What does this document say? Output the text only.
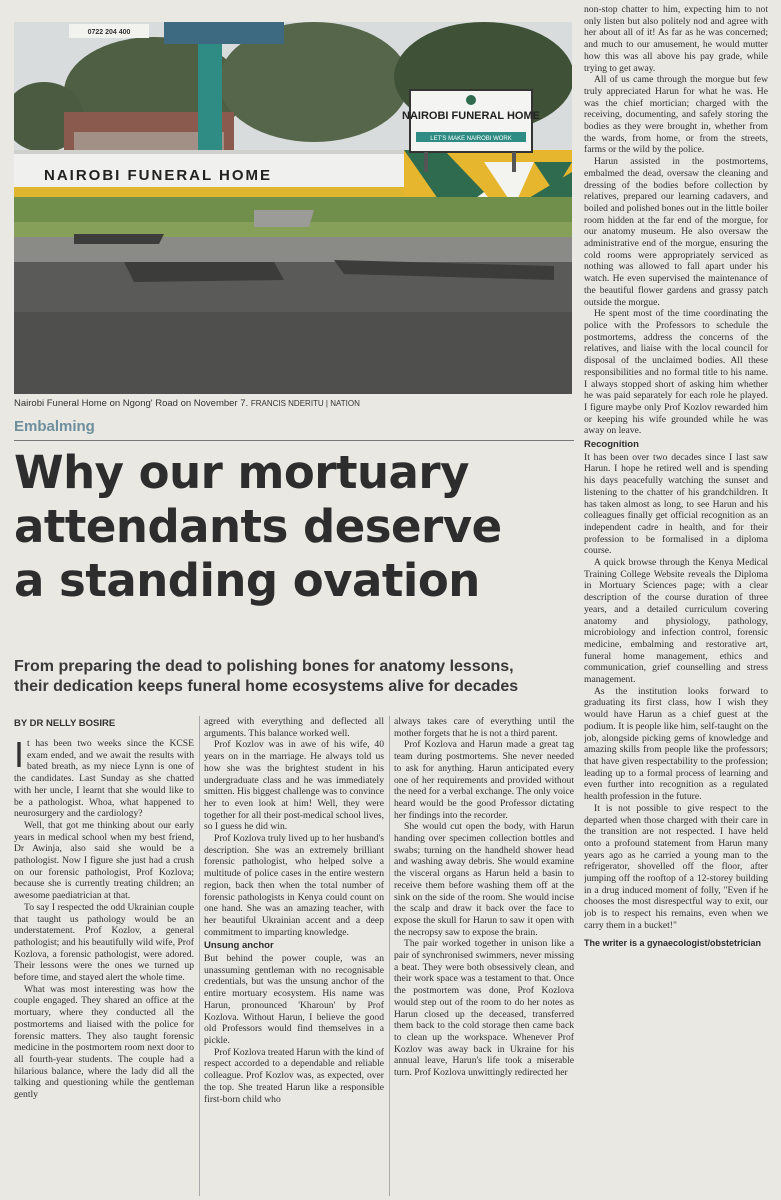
0722 204 400
NAIROBI FUNERAL HOME
NAIROBI FUNERAL HOME
LET'S MAKE NAIROBI WORK
Nairobi Funeral Home on Ngong' Road on November 7. FRANCIS NDERITU | NATION
Embalming
Why our mortuary
attendants deserve
a standing ovation
From preparing the dead to polishing bones for anatomy lessons,
their dedication keeps funeral home ecosystems alive for decades
BY DR NELLY BOSIRE

It has been two weeks since the KCSE exam ended, and we await the results with bated breath, as my niece Lynn is one of the candidates. Last Sunday as she chatted with her uncle, I learnt that she would like to be a pathologist. Whoa, what happened to neurosurgery and the cardiology?

Well, that got me thinking about our early years in medical school when my best friend, Dr Awinja, also said she would be a pathologist. Now I figure she just had a crush on our forensic pathologist, Prof Kozlova; because she is currently treating children; an awesome paediatrician at that.

To say I respected the odd Ukrainian couple that taught us pathology would be an understatement. Prof Kozlov, a general pathologist; and his beautifully wild wife, Prof Kozlova, a forensic pathologist, were adored. Their lessons were the ones we turned up before time, and stayed alert the whole time.

What was most interesting was how the couple engaged. They shared an office at the mortuary, where they conducted all the postmortems and liaised with the police for forensic matters. They also taught forensic medicine in the postmortem room next door to all fourth-year students. The couple had a hilarious balance, where the lady did all the talking and questioning while the gentleman gently

agreed with everything and deflected all arguments. This balance worked well.

Prof Kozlov was in awe of his wife, 40 years on in the marriage. He always told us how she was the brightest student in his undergraduate class and he was immediately smitten. His biggest challenge was to convince her to even look at him! Well, they were together for all their post-medical school lives, so I guess he did win.

Prof Kozlova truly lived up to her husband's description. She was an extremely brilliant forensic pathologist, who helped solve a multitude of police cases in the entire western region, back then when the total number of forensic pathologists in Kenya could count on one hand. She was an amazing teacher, with her beautiful Ukrainian accent and a deep commitment to imparting knowledge.

Unsung anchor

But behind the power couple, was an unassuming gentleman with no recognisable credentials, but was the unsung anchor of the entire mortuary ecosystem. His name was Harun, pronounced 'Kharoun' by Prof Kozlova. Without Harun, I believe the good old Professors would find themselves in a pickle.

Prof Kozlova treated Harun with the kind of respect accorded to a dependable and reliable colleague. Prof Kozlov was, as expected, over the top. She treated Harun like a responsible first-born child who

always takes care of everything until the mother forgets that he is not a third parent.

Prof Kozlova and Harun made a great tag team during postmortems. She never needed to ask for anything. Harun anticipated every one of her requirements and provided without the need for a verbal exchange. The only voice heard would be the good Professor dictating her findings into the recorder.

She would cut open the body, with Harun handing over specimen collection bottles and swabs; turning on the handheld shower head and washing away debris. She would examine the visceral organs as Harun held a basin to receive them before washing them off at the sink on the side of the room. She would incise the scalp and draw it back over the face to expose the skull for Harun to saw it open with the necropsy saw to expose the brain.

The pair worked together in unison like a pair of synchronised swimmers, never missing a beat. They were both obsessively clean, and their work space was a testament to that. Once the postmortem was done, Prof Kozlova would step out of the room to do her notes as Harun closed up the deceased, transferred them back to the cold storage then came back to clean up the workspace. Whenever Prof Kozlov was away back in Ukraine for his annual leave, Harun's life took a miserable turn. Prof Kozlova unwittingly redirected her

non-stop chatter to him, expecting him to not only listen but also politely nod and agree with her about all of it! As far as he was concerned; and much to our amusement, he would mutter how this was all above his pay grade, while trying to get away.

All of us came through the morgue but few truly appreciated Harun for what he was. He was the chief mortician; charged with the receiving, documenting, and safely storing the bodies as they were brought in, whether from the wards, from home, or from the streets, farms or the wild by the police.

Harun assisted in the postmortems, embalmed the dead, oversaw the cleaning and dressing of the bodies before collection by relatives, prepared our learning cadavers, and boiled and polished bones out in the little boiler room hidden at the far end of the morgue, for our anatomy museum. He also oversaw the administrative end of the morgue, ensuring the cold rooms were appropriately serviced as nothing was allowed to fall apart under his watch. He even supervised the maintenance of the beautiful flower gardens and grassy patch outside the morgue.

He spent most of the time coordinating the police with the Professors to schedule the postmortems, address the concerns of the relatives, and liaise with the local council for disposal of the unclaimed bodies. All these responsibilities and no formal title to his name. I always stopped short of asking him whether he was paid separately for each role he played. I figure maybe only Prof Kozlov rewarded him or keeping his wife grounded while he was away on leave.

Recognition

It has been over two decades since I last saw Harun. I hope he retired well and is spending his days peacefully watching the sunset and listening to the chatter of his grandchildren. It has taken almost as long, to see Harun and his colleagues finally get official recognition as an independent cadre in health, and for their profession to be formalised in a diploma course.

A quick browse through the Kenya Medical Training College Website reveals the Diploma in Mortuary Sciences page; with a clear description of the course duration of three years, and a detailed curriculum covering anatomy and physiology, pathology, microbiology and infection control, forensic medicine, embalming and restorative art, funeral home management, ethics and communication, grief counselling and stress management.

As the institution looks forward to graduating its first class, how I wish they would have Harun as a chief guest at the podium. It is people like him, self-taught on the job, alongside picking gems of knowledge and amazing skills from people like the professors; that have given respectability to the profession; leading up to a formal process of learning and even further into recognition as a regulated health profession in the future.

It is not possible to give respect to the departed when those charged with their care in the transition are not respected. I have held onto a profound statement from Harun many years ago as he carried a young man to the refrigerator, shovelled off the floor, after jumping off the rooftop of a 12-storey building in a drug induced moment of folly, "Even if he chooses the most disrespectful way to exit, our job is to respect his remains, even when we carry them in a bucket!"

The writer is a gynaecologist/obstetrician
